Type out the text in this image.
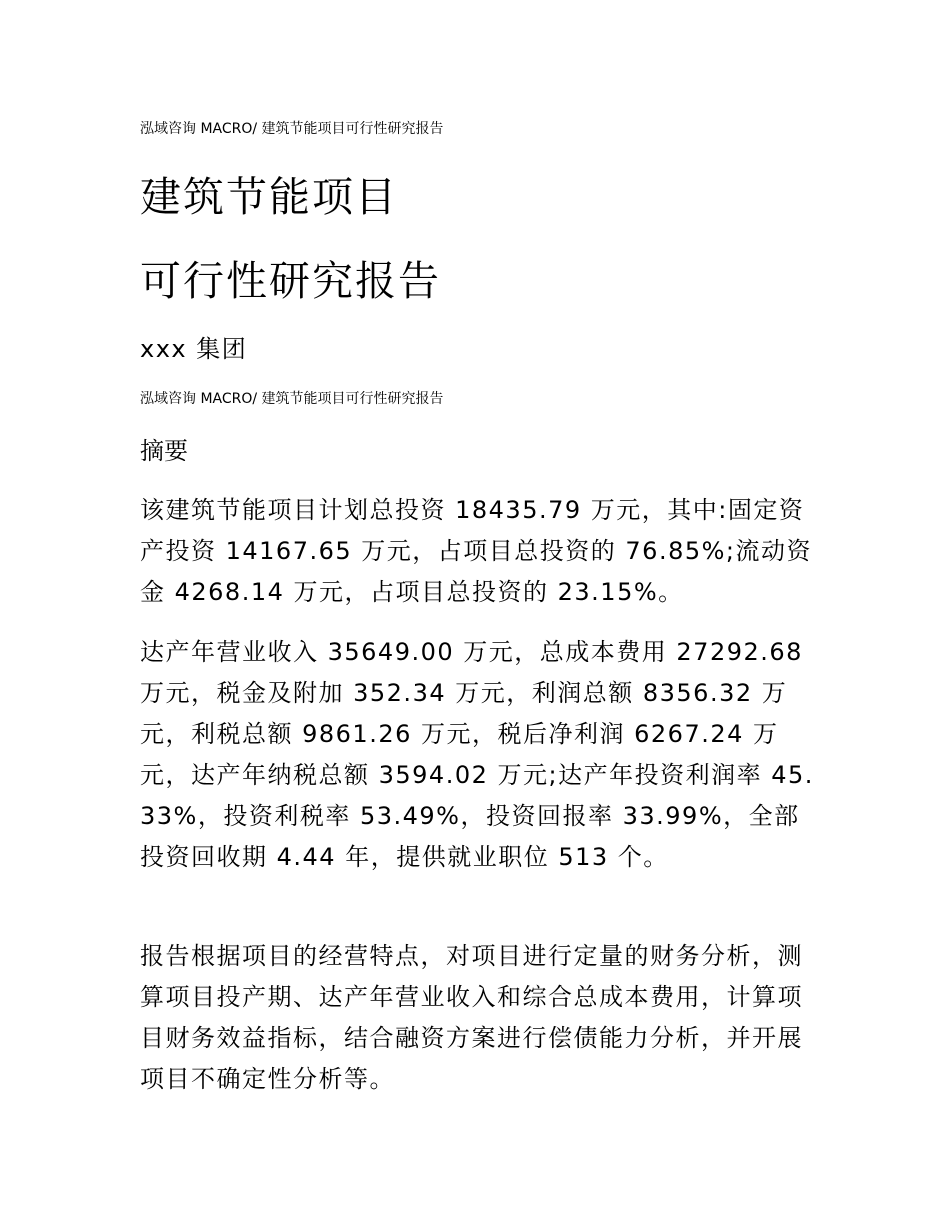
泓域咨询 MACRO/ 建筑节能项目可行性研究报告
建筑节能项目
可行性研究报告
xxx 集团
泓域咨询 MACRO/ 建筑节能项目可行性研究报告
摘要
该建筑节能项目计划总投资 18435.79 万元，其中:固定资产投资 14167.65 万元，占项目总投资的 76.85%;流动资金 4268.14 万元，占项目总投资的 23.15%。
达产年营业收入 35649.00 万元，总成本费用 27292.68 万元，税金及附加 352.34 万元，利润总额 8356.32 万元，利税总额 9861.26 万元，税后净利润 6267.24 万元，达产年纳税总额 3594.02 万元;达产年投资利润率 45.33%，投资利税率 53.49%，投资回报率 33.99%，全部投资回收期 4.44 年，提供就业职位 513 个。
报告根据项目的经营特点，对项目进行定量的财务分析，测算项目投产期、达产年营业收入和综合总成本费用，计算项目财务效益指标，结合融资方案进行偿债能力分析，并开展项目不确定性分析等。
